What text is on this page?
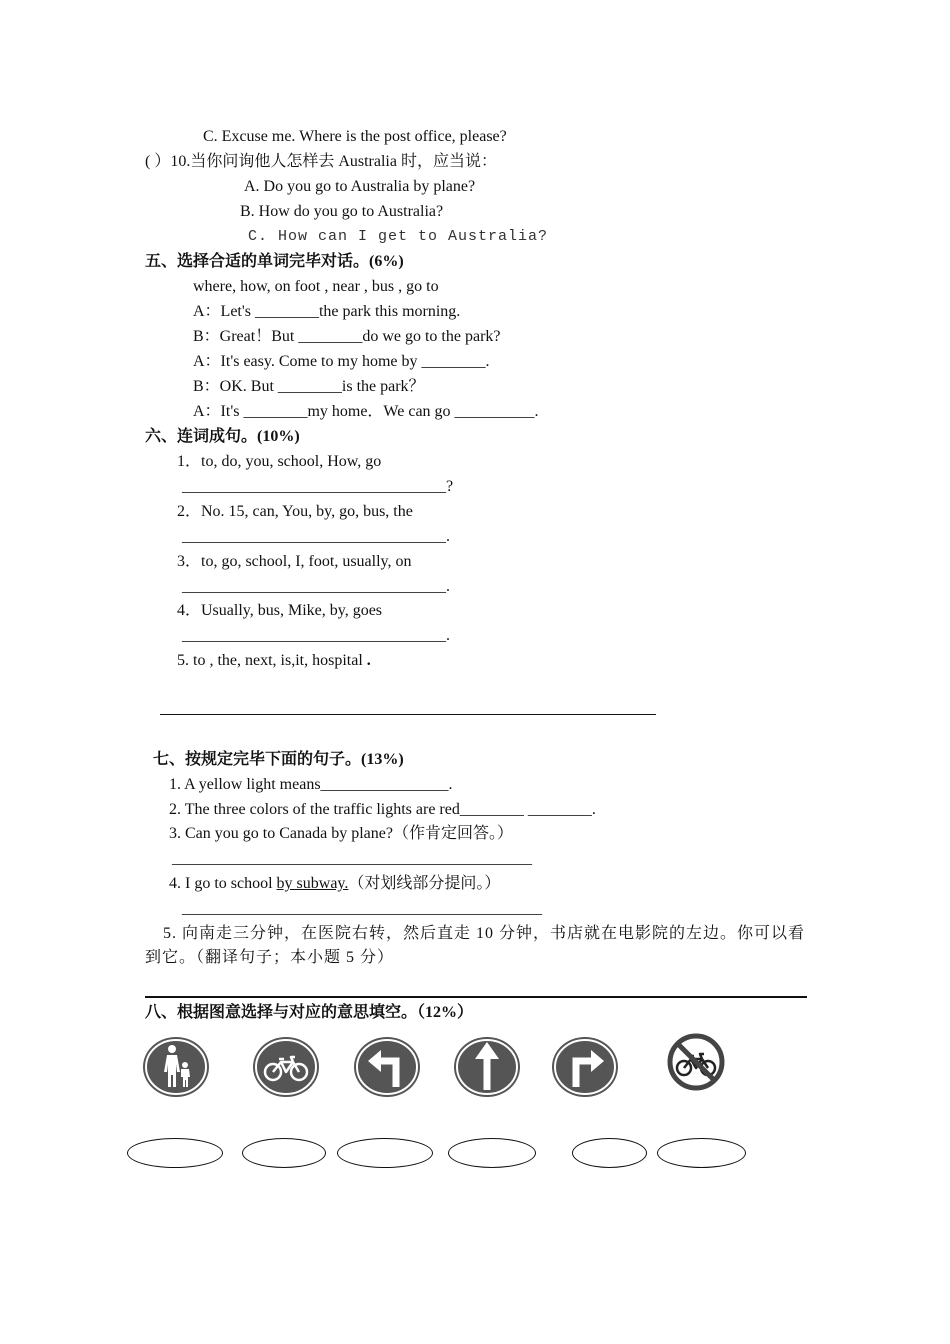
C. Excuse me. Where is the post office, please?
( ）10.当你问询他人怎样去 Australia 时，应当说：
A. Do you go to Australia by plane?
B. How do you go to Australia?
C. How can I get to Australia?
五、选择合适的单词完毕对话。(6%)
where, how, on foot , near , bus , go to
A：Let's ________the park this morning.
B：Great！But ________do we go to the park?
A：It's easy. Come to my home by ________.
B：OK. But ________is the park？
A：It's ________my home．We can go __________.
六、连词成句。(10%)
1．to, do, you, school, How, go
_________________________________?
2．No. 15, can, You, by, go, bus, the
_________________________________.
3．to, go, school, I, foot, usually, on
_________________________________.
4．Usually, bus, Mike, by, goes
_________________________________.
5. to , the, next, is,it, hospital .
七、按规定完毕下面的句子。(13%)
1. A yellow light means________________.
2. The three colors of the traffic lights are red________ ________.
3. Can you go to Canada by plane?（作肯定回答。）
_____________________________________________
4. I go to school by subway.（对划线部分提问。）
_____________________________________________
5. 向南走三分钟，在医院右转，然后直走 10 分钟，书店就在电影院的左边。你可以看到它。（翻译句子；本小题 5 分）
八、根据图意选择与对应的意思填空。（12%）
